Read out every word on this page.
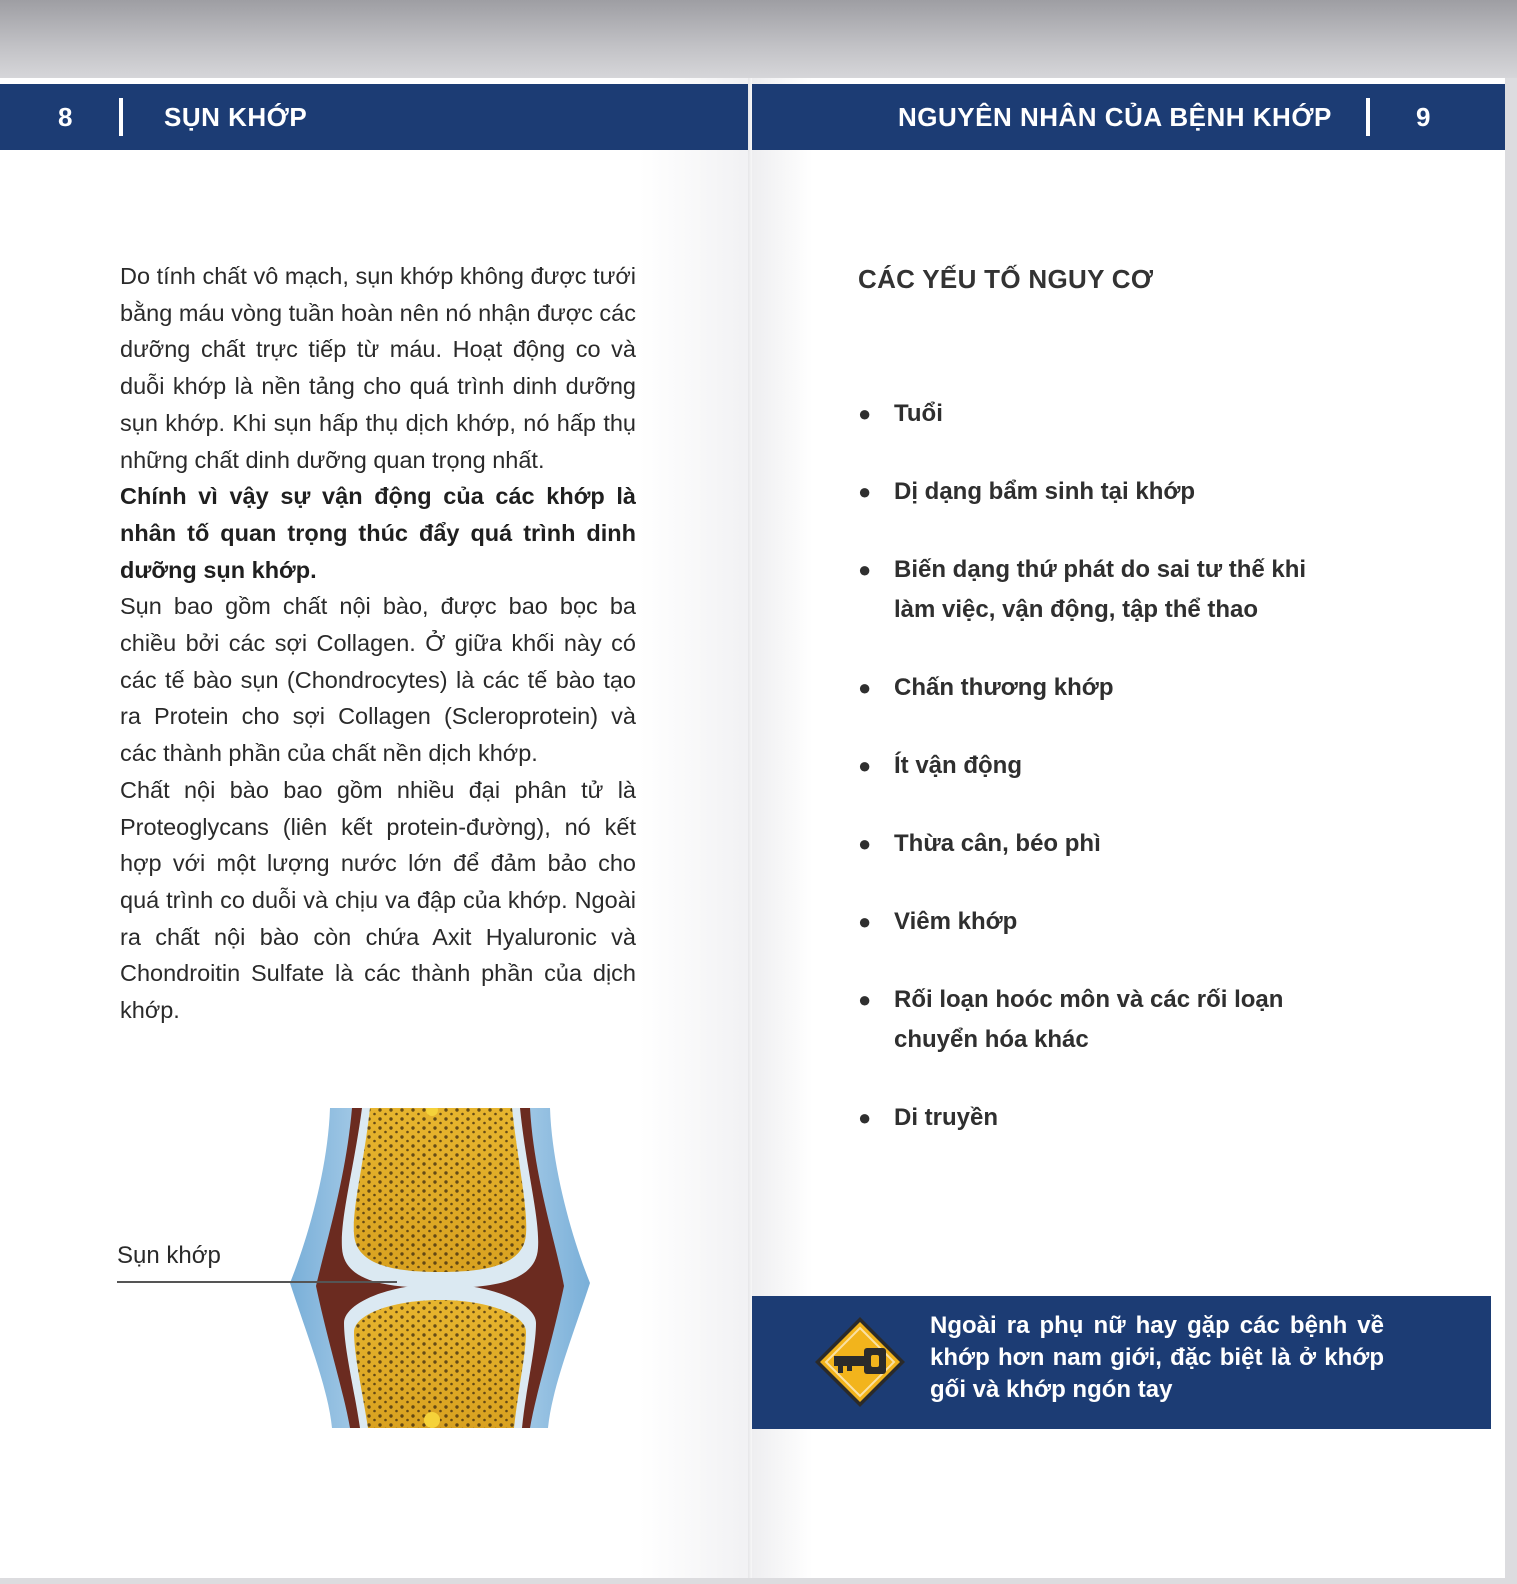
8	SỤN KHỚP

Do tính chất vô mạch, sụn khớp không được tưới bằng máu vòng tuần hoàn nên nó nhận được các dưỡng chất trực tiếp từ máu. Hoạt động co và duỗi khớp là nền tảng cho quá trình dinh dưỡng sụn khớp. Khi sụn hấp thụ dịch khớp, nó hấp thụ những chất dinh dưỡng quan trọng nhất.

Chính vì vậy sự vận động của các khớp là nhân tố quan trọng thúc đẩy quá trình dinh dưỡng sụn khớp.

Sụn bao gồm chất nội bào, được bao bọc ba chiều bởi các sợi Collagen. Ở giữa khối này có các tế bào sụn (Chondrocytes) là các tế bào tạo ra Protein cho sợi Collagen (Scleroprotein) và các thành phần của chất nền dịch khớp.

Chất nội bào bao gồm nhiều đại phân tử là Proteoglycans (liên kết protein-đường), nó kết hợp với một lượng nước lớn để đảm bảo cho quá trình co duỗi và chịu va đập của khớp. Ngoài ra chất nội bào còn chứa Axit Hyaluronic và Chondroitin Sulfate là các thành phần của dịch khớp.

Sụn khớp
NGUYÊN NHÂN CỦA BỆNH KHỚP	9
CÁC YẾU TỐ NGUY CƠ
● Tuổi
● Dị dạng bẩm sinh tại khớp
● Biến dạng thứ phát do sai tư thế khi
làm việc, vận động, tập thể thao
● Chấn thương khớp
● Ít vận động
● Thừa cân, béo phì
● Viêm khớp
● Rối loạn hoóc môn và các rối loạn
chuyển hóa khác
● Di truyền
Ngoài ra phụ nữ hay gặp các bệnh về khớp hơn nam giới, đặc biệt là ở khớp gối và khớp ngón tay
